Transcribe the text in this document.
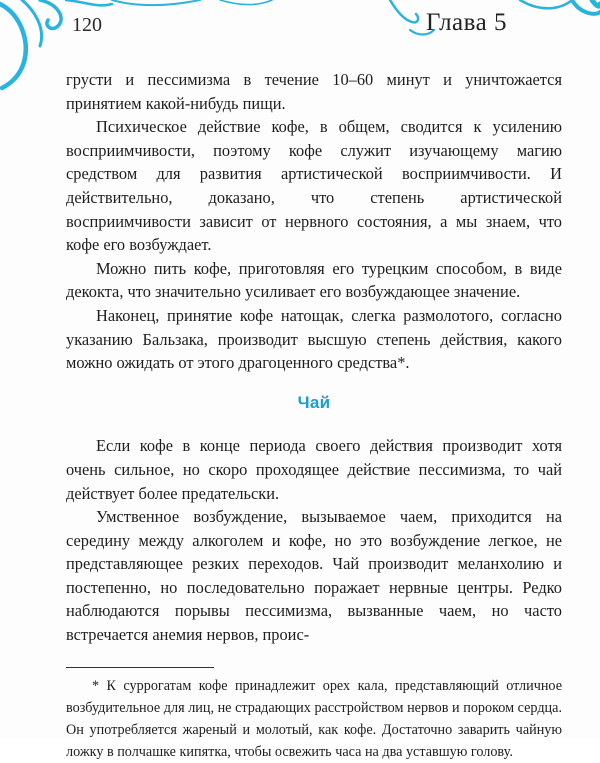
120	Глава 5

грусти и пессимизма в течение 10–60 минут и уничтожается принятием какой-нибудь пищи.

Психическое действие кофе, в общем, сводится к усилению восприимчивости, поэтому кофе служит изучающему магию средством для развития артистической восприимчивости. И действительно, доказано, что степень артистической восприимчивости зависит от нервного состояния, а мы знаем, что кофе его возбуждает.

Можно пить кофе, приготовляя его турецким способом, в виде декокта, что значительно усиливает его возбуждающее значение.

Наконец, принятие кофе натощак, слегка размолотого, согласно указанию Бальзака, производит высшую степень действия, какого можно ожидать от этого драгоценного средства*.

Чай

Если кофе в конце периода своего действия производит хотя очень сильное, но скоро проходящее действие пессимизма, то чай действует более предательски.

Умственное возбуждение, вызываемое чаем, приходится на середину между алкоголем и кофе, но это возбуждение легкое, не представляющее резких переходов. Чай производит меланхолию и постепенно, но последовательно поражает нервные центры. Редко наблюдаются порывы пессимизма, вызванные чаем, но часто встречается анемия нервов, проис-

* К суррогатам кофе принадлежит орех кала, представляющий отличное возбудительное для лиц, не страдающих расстройством нервов и пороком сердца. Он употребляется жареный и молотый, как кофе. Достаточно заварить чайную ложку в полчашке кипятка, чтобы освежить часа на два уставшую голову.
